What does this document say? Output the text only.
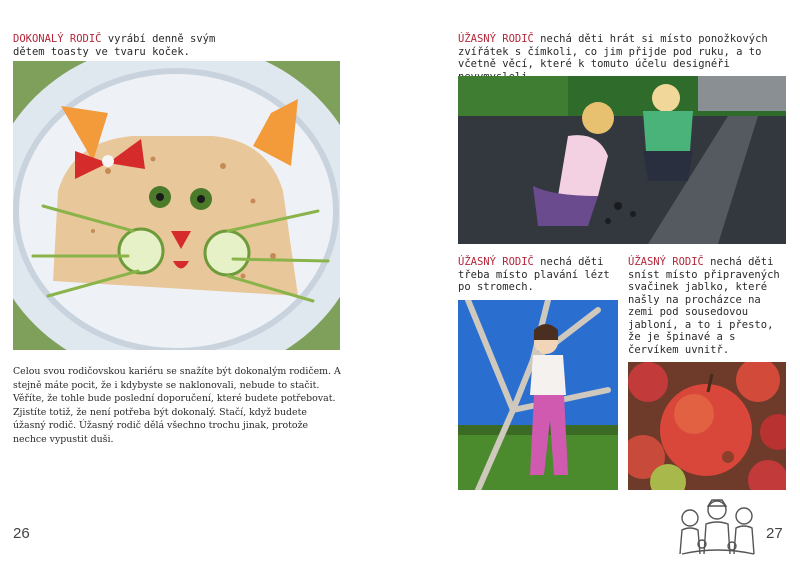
DOKONALÝ RODIČ vyrábí denně svým dětem toasty ve tvaru koček.
Celou svou rodičovskou kariéru se snažíte být dokonalým rodičem. A stejně máte pocit, že i kdybyste se naklonovali, nebude to stačit. Věříte, že tohle bude poslední doporučení, které budete potřebovat. Zjistíte totiž, že není potřeba být dokonalý. Stačí, když budete úžasný rodič. Úžasný rodič dělá všechno trochu jinak, protože nechce vypustit duši.
26
ÚŽASNÝ RODIČ nechá děti hrát si místo ponožkových zvířátek s čímkoli, co jim přijde pod ruku, a to včetně věcí, které k tomuto účelu designéři
ÚŽASNÝ RODIČ nechá děti třeba místo plavání lézt po stromech.
ÚŽASNÝ RODIČ nechá děti sníst místo připravených svačinek jablko, které našly na procházce na zemi pod sousedovou jabloní, a to i přesto, že je špinavé a s červíkem uvnitř.
27
